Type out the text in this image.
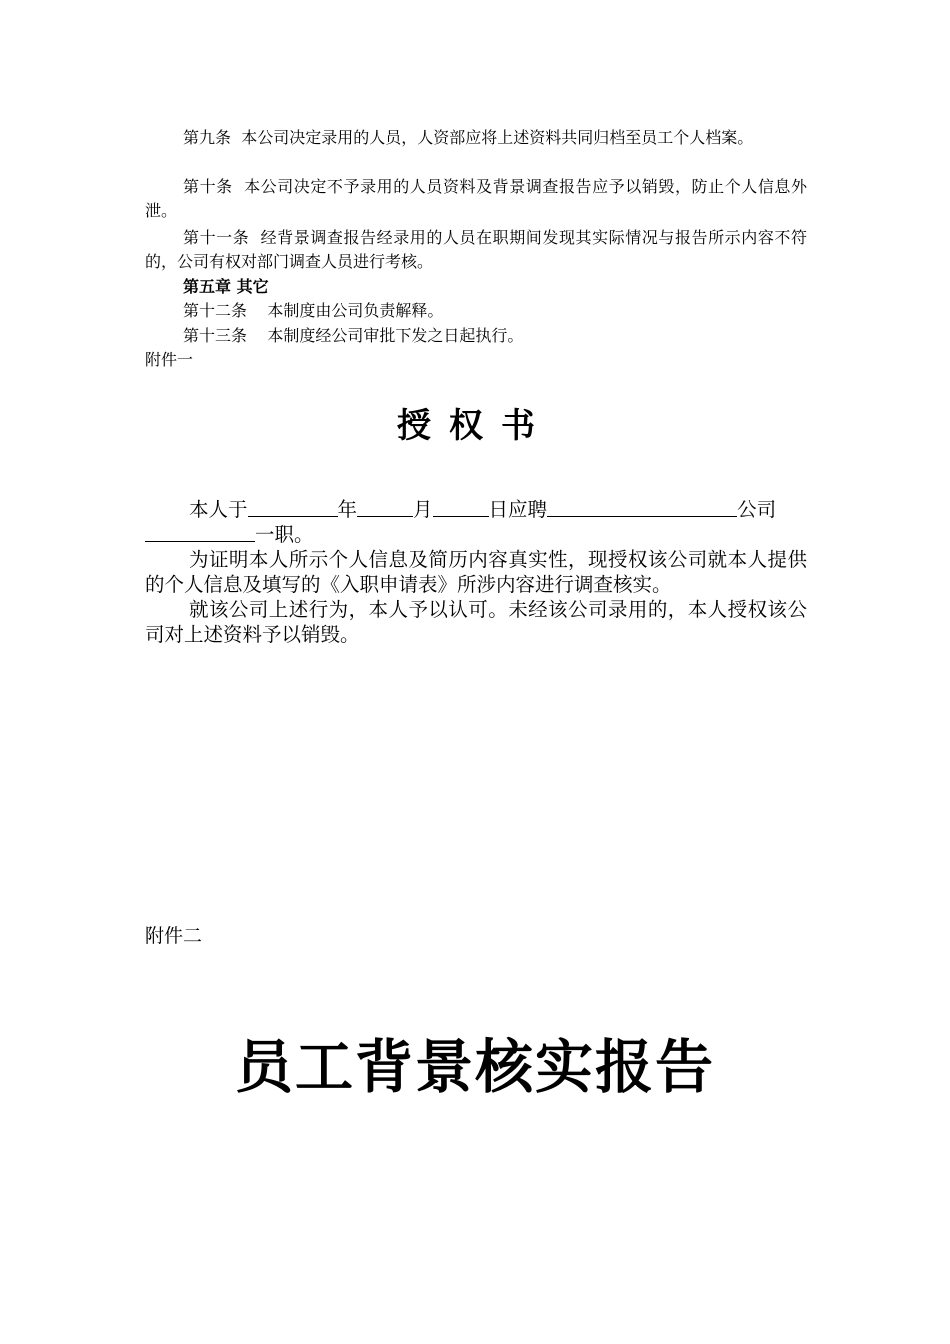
第九条 本公司决定录用的人员，人资部应将上述资料共同归档至员工个人档案。
第十条 本公司决定不予录用的人员资料及背景调查报告应予以销毁，防止个人信息外泄。
第十一条 经背景调查报告经录用的人员在职期间发现其实际情况与报告所示内容不符的，公司有权对部门调查人员进行考核。
第五章 其它
第十二条 本制度由公司负责解释。
第十三条 本制度经公司审批下发之日起执行。
附件一
授权书

本人于	年	月	日应聘	公司

一职。

为证明本人所示个人信息及简历内容真实性，现授权该公司就本人提供的个人信息及填写的《入职申请表》所涉内容进行调查核实。

就该公司上述行为，本人予以认可。未经该公司录用的，本人授权该公司对上述资料予以销毁。

附件二
员工背景核实报告
